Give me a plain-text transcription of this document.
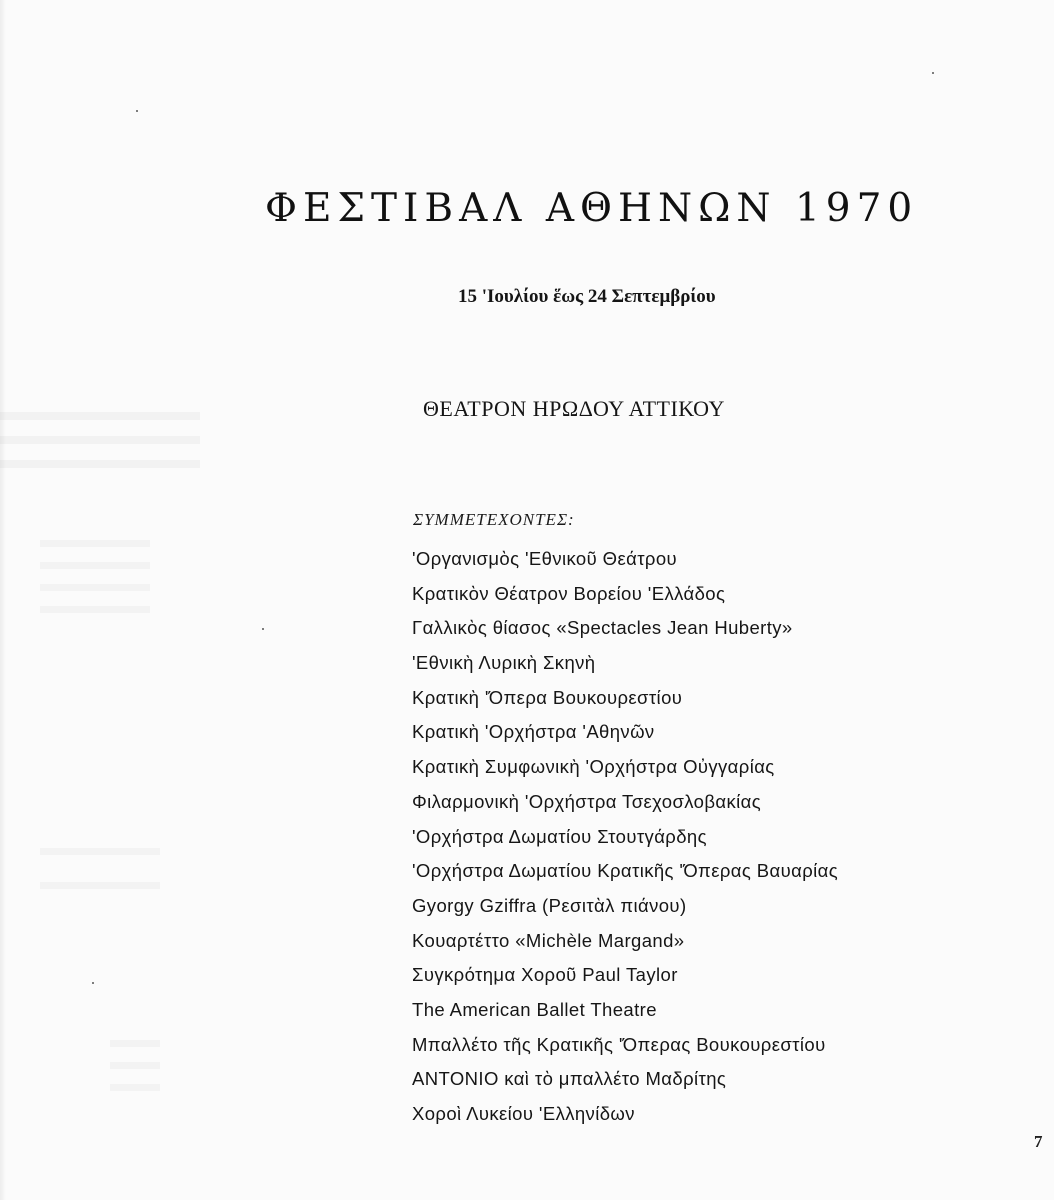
ΦΕΣΤΙΒΑΛ ΑΘΗΝΩΝ 1970
15 'Ιουλίου ἕως 24 Σεπτεμβρίου
ΘΕΑΤΡΟΝ ΗΡΩΔΟΥ ΑΤΤΙΚΟΥ
ΣΥΜΜΕΤΕΧΟΝΤΕΣ:
'Οργανισμὸς 'Εθνικοῦ Θεάτρου
Κρατικὸν Θέατρον Βορείου 'Ελλάδος
Γαλλικὸς θίασος «Spectacles Jean Huberty»
'Εθνικὴ Λυρικὴ Σκηνὴ
Κρατικὴ 'Όπερα Βουκουρεστίου
Κρατικὴ 'Ορχήστρα 'Αθηνῶν
Κρατικὴ Συμφωνικὴ 'Ορχήστρα Οὐγγαρίας
Φιλαρμονικὴ 'Ορχήστρα Τσεχοσλοβακίας
'Ορχήστρα Δωματίου Στουτγάρδης
'Ορχήστρα Δωματίου Κρατικῆς 'Όπερας Βαυαρίας
Gyorgy Gziffra (Ρεσιτὰλ πιάνου)
Κουαρτέττο «Michèle Margand»
Συγκρότημα Χοροῦ Paul Taylor
The American Ballet Theatre
Μπαλλέτο τῆς Κρατικῆς 'Όπερας Βουκουρεστίου
ANTONIO καὶ τὸ μπαλλέτο Μαδρίτης
Χοροὶ Λυκείου 'Ελληνίδων
7
